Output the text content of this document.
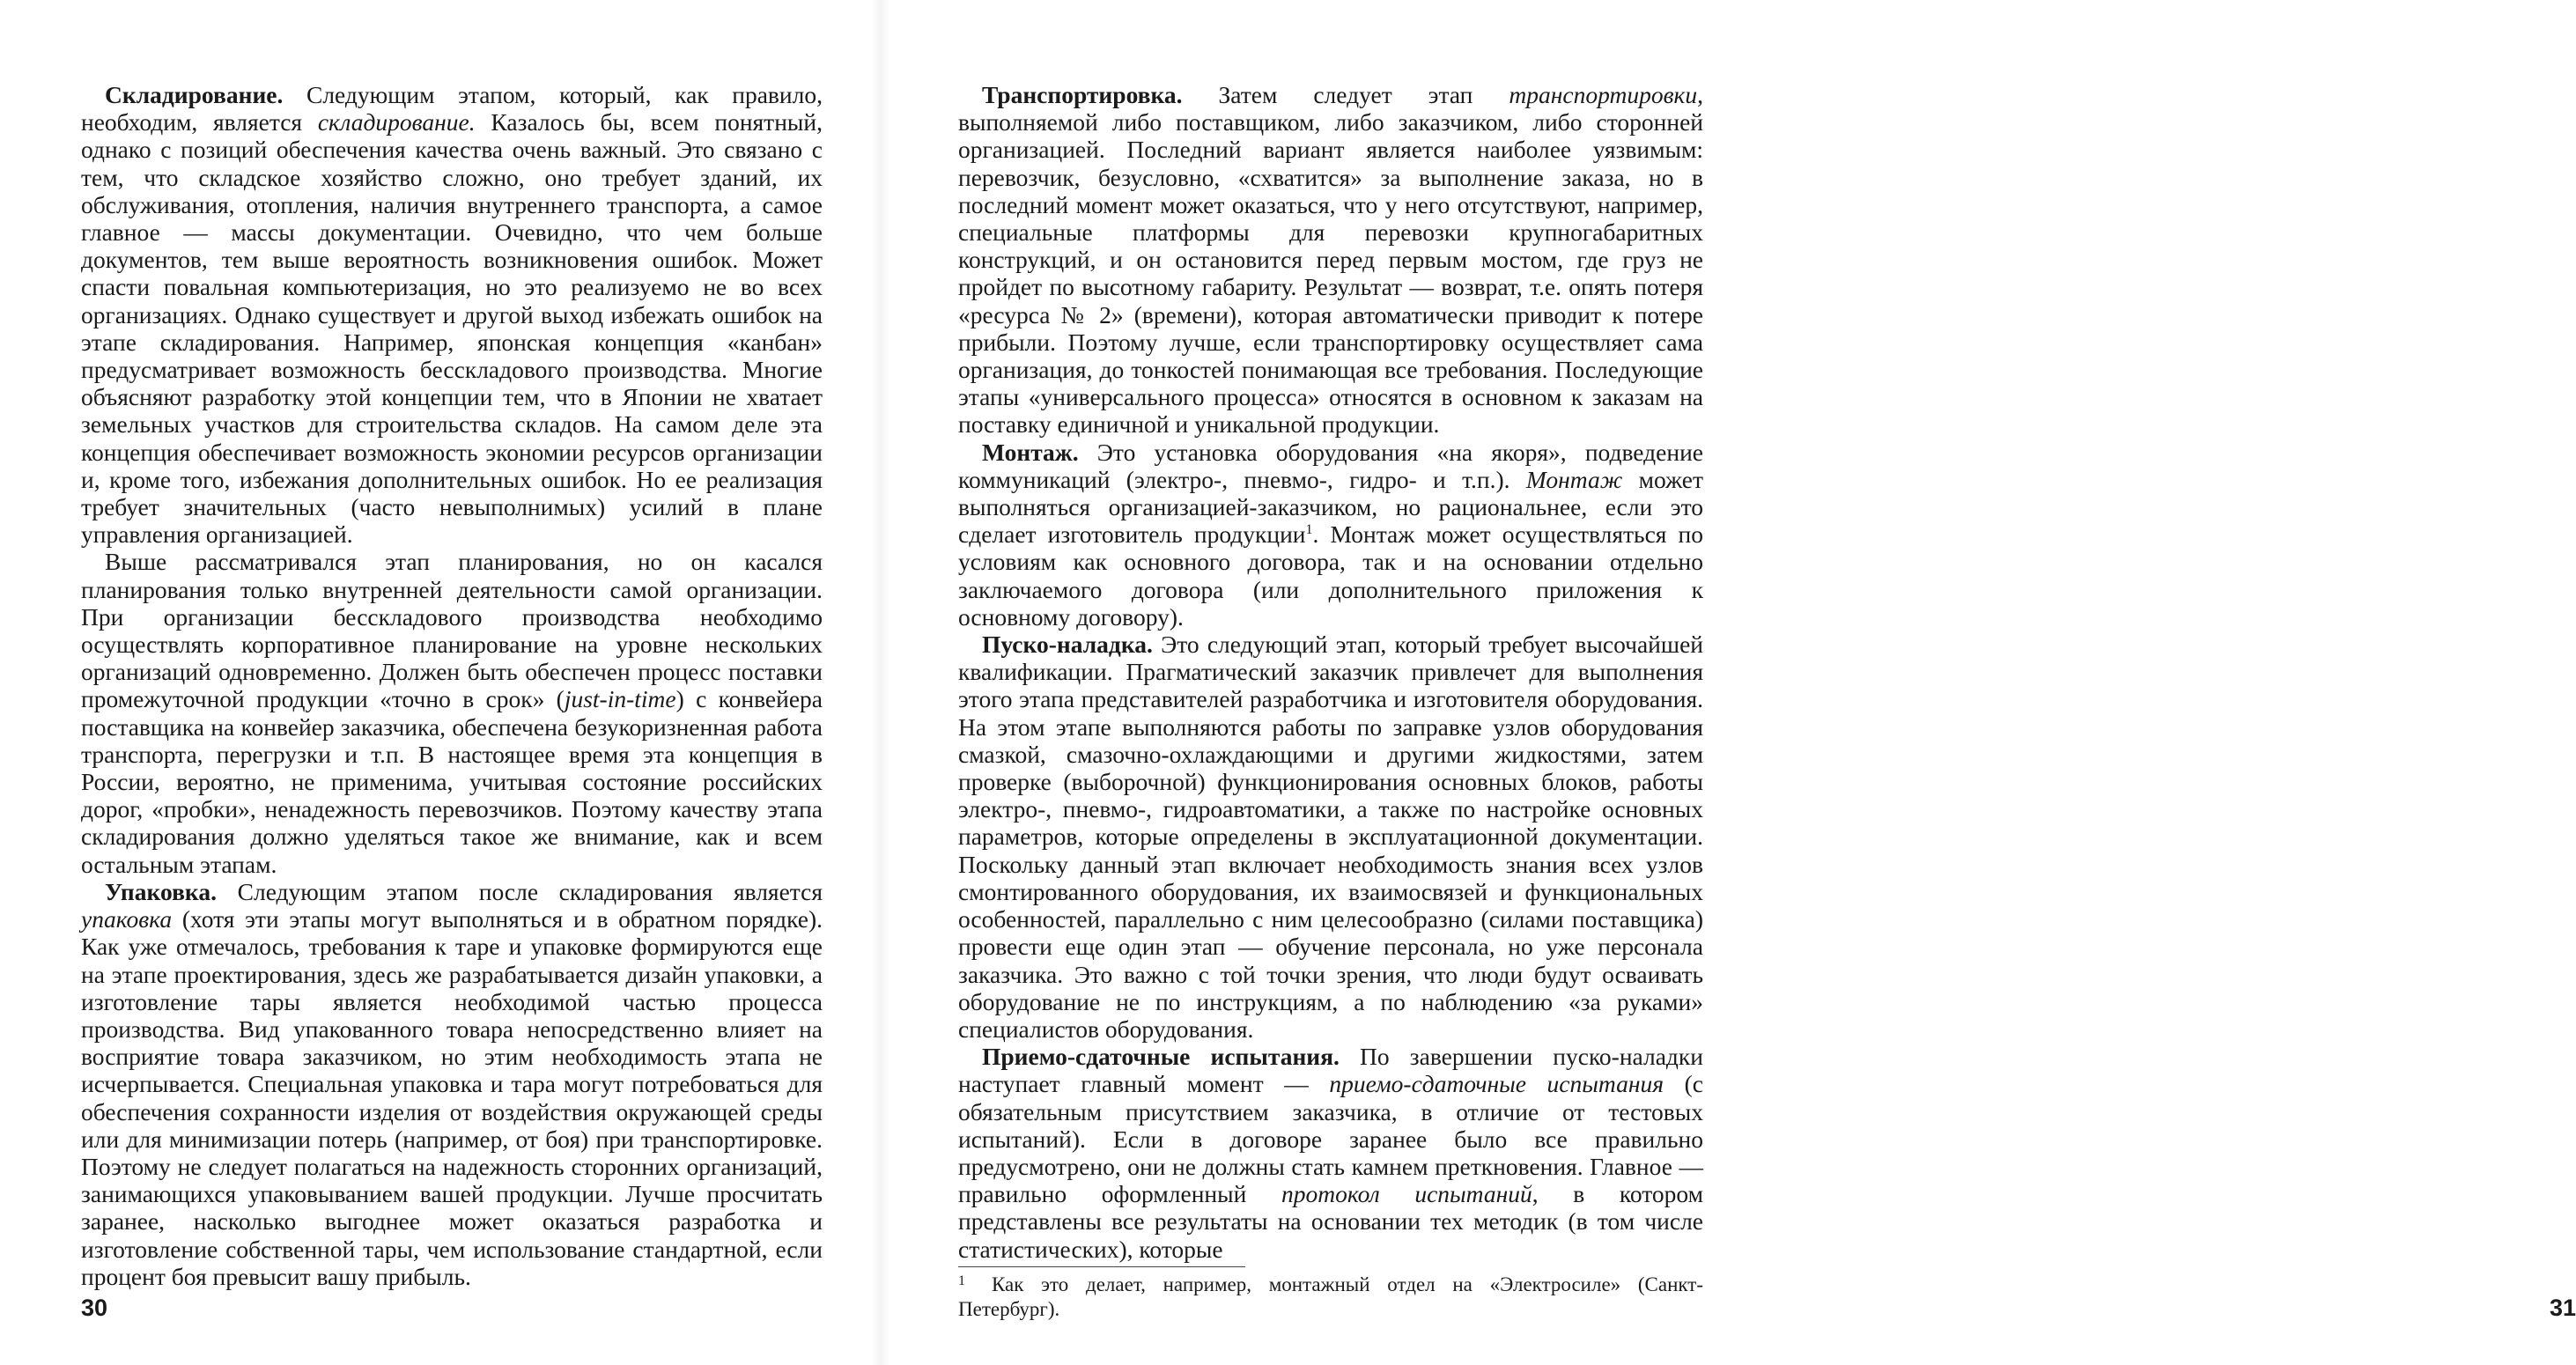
Складирование. Следующим этапом, который, как правило, необходим, является складирование. Казалось бы, всем понятный, однако с позиций обеспечения качества очень важный. Это связано с тем, что складское хозяйство сложно, оно требует зданий, их обслуживания, отопления, наличия внутреннего транспорта, а самое главное — массы документации. Очевидно, что чем больше документов, тем выше вероятность возникновения ошибок. Может спасти повальная компьютеризация, но это реализуемо не во всех организациях. Однако существует и другой выход избежать ошибок на этапе складирования. Например, японская концепция «канбан» предусматривает возможность бесскладового производства. Многие объясняют разработку этой концепции тем, что в Японии не хватает земельных участков для строительства складов. На самом деле эта концепция обеспечивает возможность экономии ресурсов организации и, кроме того, избежания дополнительных ошибок. Но ее реализация требует значительных (часто невыполнимых) усилий в плане управления организацией.

Выше рассматривался этап планирования, но он касался планирования только внутренней деятельности самой организации. При организации бесскладового производства необходимо осуществлять корпоративное планирование на уровне нескольких организаций одновременно. Должен быть обеспечен процесс поставки промежуточной продукции «точно в срок» (just-in-time) с конвейера поставщика на конвейер заказчика, обеспечена безукоризненная работа транспорта, перегрузки и т.п. В настоящее время эта концепция в России, вероятно, не применима, учитывая состояние российских дорог, «пробки», ненадежность перевозчиков. Поэтому качеству этапа складирования должно уделяться такое же внимание, как и всем остальным этапам.

Упаковка. Следующим этапом после складирования является упаковка (хотя эти этапы могут выполняться и в обратном порядке). Как уже отмечалось, требования к таре и упаковке формируются еще на этапе проектирования, здесь же разрабатывается дизайн упаковки, а изготовление тары является необходимой частью процесса производства. Вид упакованного товара непосредственно влияет на восприятие товара заказчиком, но этим необходимость этапа не исчерпывается. Специальная упаковка и тара могут потребоваться для обеспечения сохранности изделия от воздействия окружающей среды или для минимизации потерь (например, от боя) при транспортировке. Поэтому не следует полагаться на надежность сторонних организаций, занимающихся упаковыванием вашей продукции. Лучше просчитать заранее, насколько выгоднее может оказаться разработка и изготовление собственной тары, чем использование стандартной, если процент боя превысит вашу прибыль.

30

Транспортировка. Затем следует этап транспортировки, выполняемой либо поставщиком, либо заказчиком, либо сторонней организацией. Последний вариант является наиболее уязвимым: перевозчик, безусловно, «схватится» за выполнение заказа, но в последний момент может оказаться, что у него отсутствуют, например, специальные платформы для перевозки крупногабаритных конструкций, и он остановится перед первым мостом, где груз не пройдет по высотному габариту. Результат — возврат, т.е. опять потеря «ресурса № 2» (времени), которая автоматически приводит к потере прибыли. Поэтому лучше, если транспортировку осуществляет сама организация, до тонкостей понимающая все требования. Последующие этапы «универсального процесса» относятся в основном к заказам на поставку единичной и уникальной продукции.

Монтаж. Это установка оборудования «на якоря», подведение коммуникаций (электро-, пневмо-, гидро- и т.п.). Монтаж может выполняться организацией-заказчиком, но рациональнее, если это сделает изготовитель продукции$^1$. Монтаж может осуществляться по условиям как основного договора, так и на основании отдельно заключаемого договора (или дополнительного приложения к основному договору).

Пуско-наладка. Это следующий этап, который требует высочайшей квалификации. Прагматический заказчик привлечет для выполнения этого этапа представителей разработчика и изготовителя оборудования. На этом этапе выполняются работы по заправке узлов оборудования смазкой, смазочно-охлаждающими и другими жидкостями, затем проверке (выборочной) функционирования основных блоков, работы электро-, пневмо-, гидроавтоматики, а также по настройке основных параметров, которые определены в эксплуатационной документации. Поскольку данный этап включает необходимость знания всех узлов смонтированного оборудования, их взаимосвязей и функциональных особенностей, параллельно с ним целесообразно (силами поставщика) провести еще один этап — обучение персонала, но уже персонала заказчика. Это важно с той точки зрения, что люди будут осваивать оборудование не по инструкциям, а по наблюдению «за руками» специалистов оборудования.

Приемо-сдаточные испытания. По завершении пуско-наладки наступает главный момент — приемо-сдаточные испытания (с обязательным присутствием заказчика, в отличие от тестовых испытаний). Если в договоре заранее было все правильно предусмотрено, они не должны стать камнем преткновения. Главное — правильно оформленный протокол испытаний, в котором представлены все результаты на основании тех методик (в том числе статистических), которые

1 Как это делает, например, монтажный отдел на «Электросиле» (Санкт-Петербург).	31
